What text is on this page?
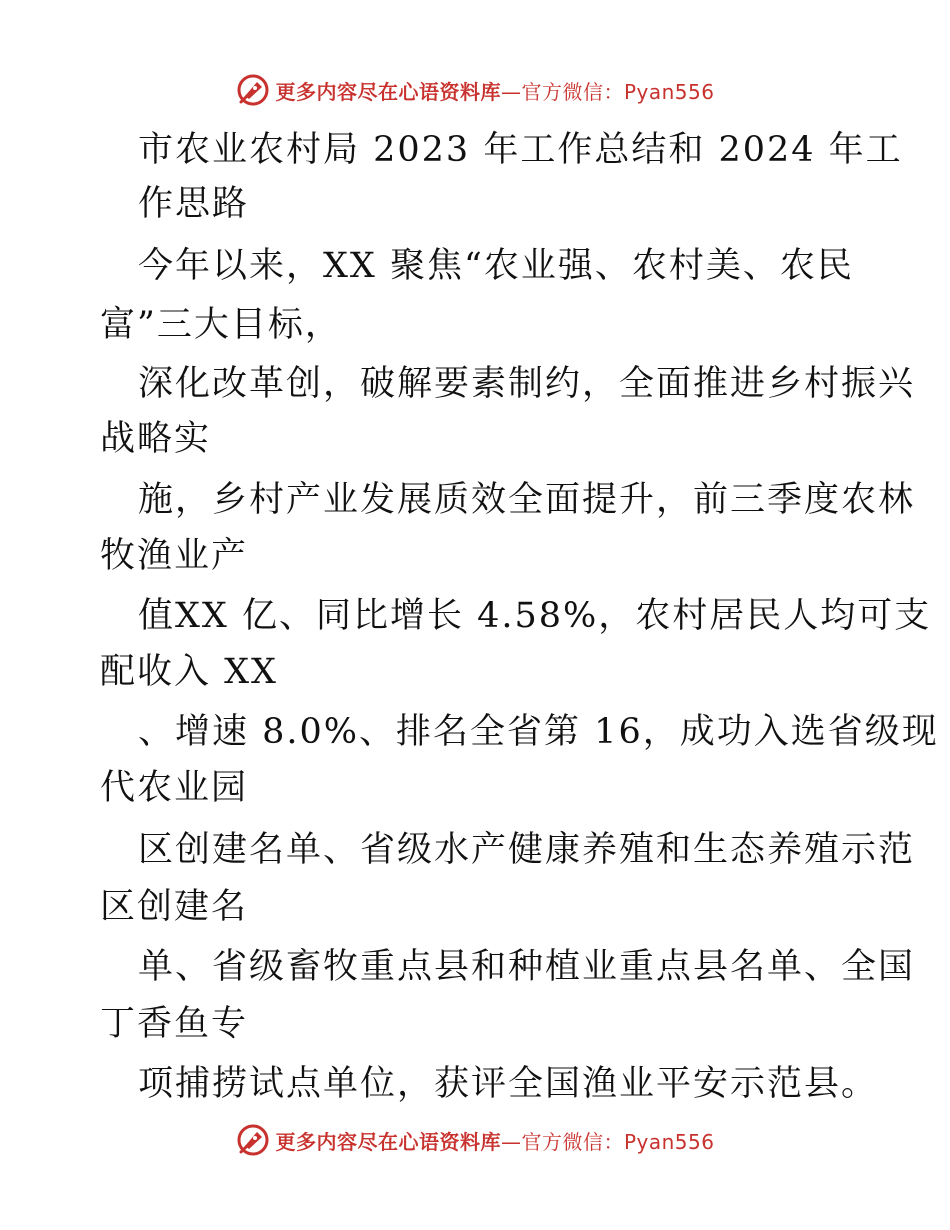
更多内容尽在心语资料库—官方微信：Pyan556
市农业农村局 2023 年工作总结和 2024 年工
作思路
今年以来，XX 聚焦“农业强、农村美、农民
富”三大目标，
深化改革创，破解要素制约，全面推进乡村振兴
战略实
施，乡村产业发展质效全面提升，前三季度农林
牧渔业产
值XX 亿、同比增长 4.58%，农村居民人均可支
配收入 XX
、增速 8.0%、排名全省第 16，成功入选省级现
代农业园
区创建名单、省级水产健康养殖和生态养殖示范
区创建名
单、省级畜牧重点县和种植业重点县名单、全国
丁香鱼专
项捕捞试点单位，获评全国渔业平安示范县。
更多内容尽在心语资料库—官方微信：Pyan556
